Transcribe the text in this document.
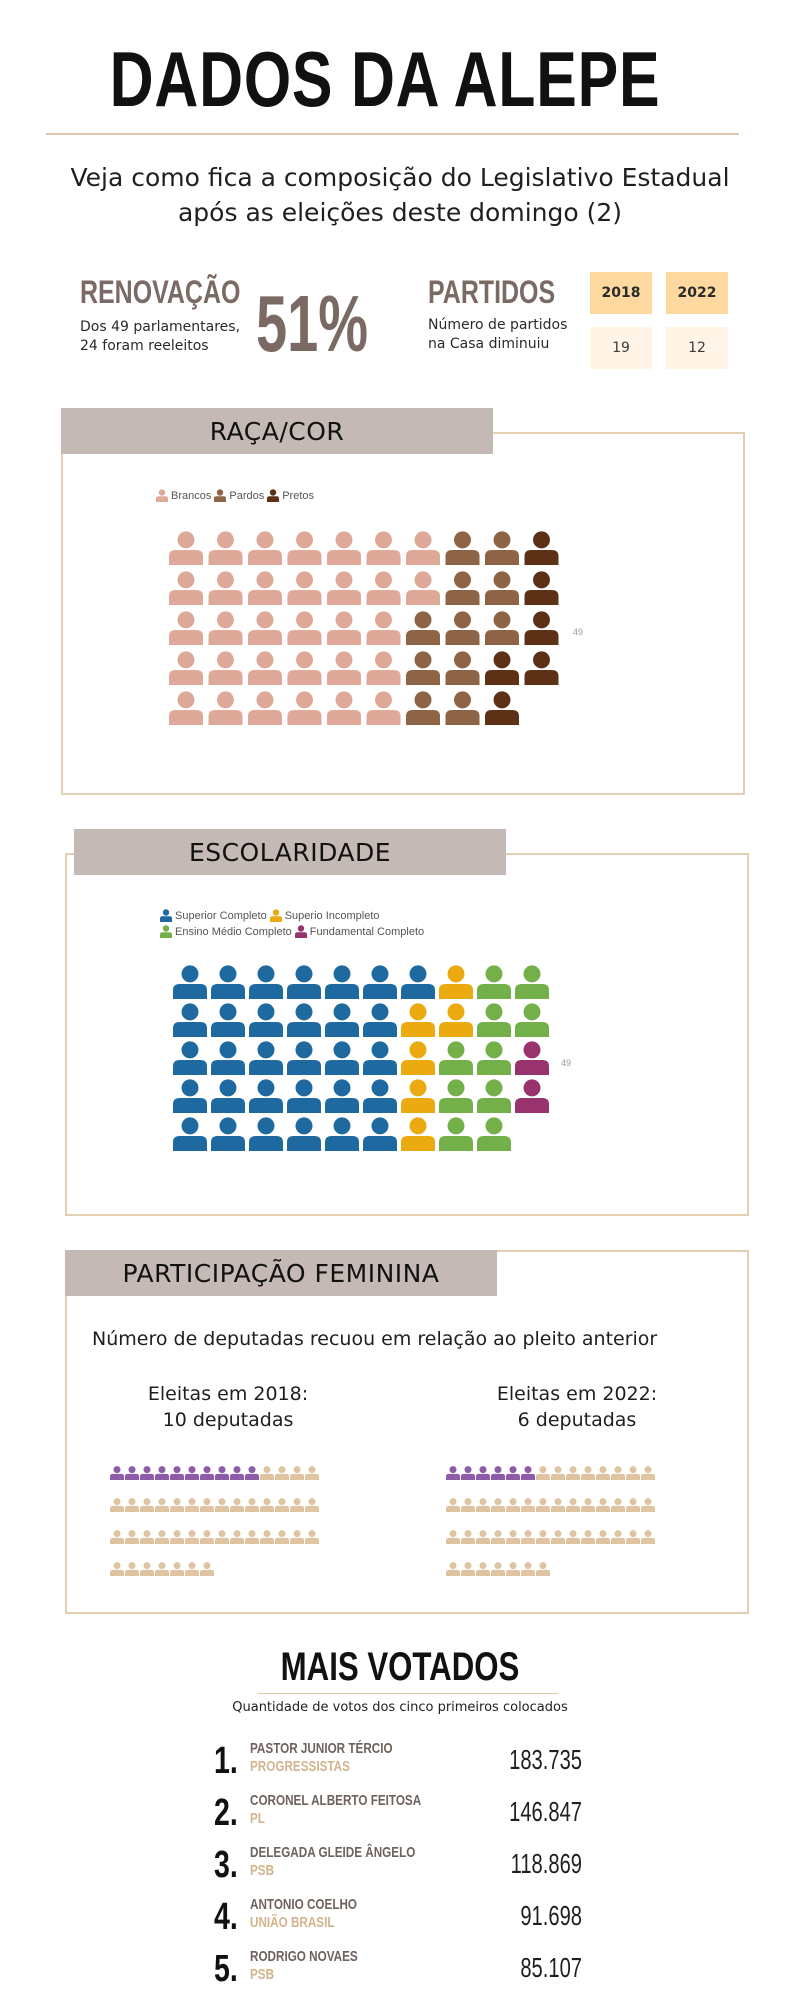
DADOS DA ALEPE
Veja como fica a composição do Legislativo Estadual
após as eleições deste domingo (2)
RENOVAÇÃO
Dos 49 parlamentares,
24 foram reeleitos 51% PARTIDOS
Número de partidos
na Casa diminuiu
2018	2022
19	12
RAÇA/COR
Brancos Pardos Pretos
49
ESCOLARIDADE
Superior Completo Superio Incompleto
Ensino Médio Completo Fundamental Completo
49
PARTICIPAÇÃO FEMININA
Número de deputadas recuou em relação ao pleito anterior
Eleitas em 2018:
10 deputadas
Eleitas em 2022:
6 deputadas
MAIS VOTADOS
Quantidade de votos dos cinco primeiros colocados
1. PASTOR JUNIOR TÉRCIO
PROGRESSISTAS	183.735
2. CORONEL ALBERTO FEITOSA
PL	146.847
3. DELEGADA GLEIDE ÂNGELO
PSB	118.869
4. ANTONIO COELHO
UNIÃO BRASIL	91.698
5. RODRIGO NOVAES
PSB	85.107
